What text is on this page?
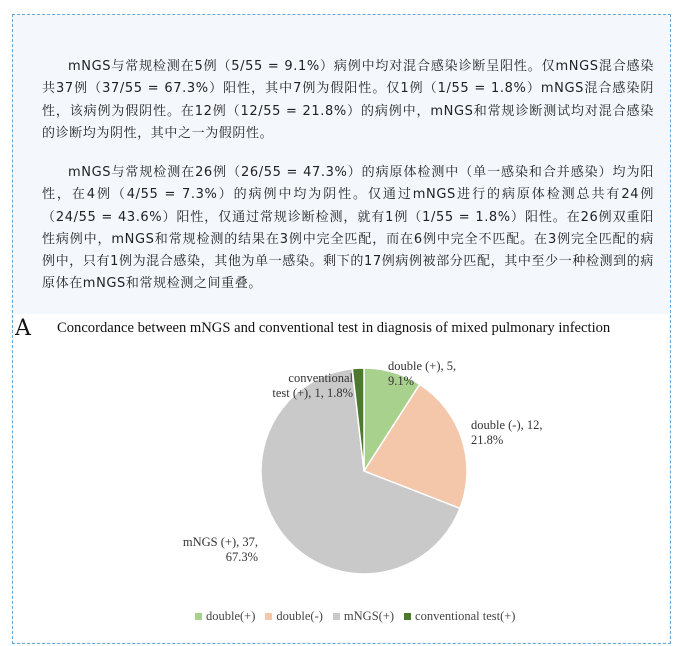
mNGS与常规检测在5例（5/55 = 9.1%）病例中均对混合感染诊断呈阳性。仅mNGS混合感染共37例（37/55 = 67.3%）阳性，其中7例为假阳性。仅1例（1/55 = 1.8%）mNGS混合感染阴性，该病例为假阴性。在12例（12/55 = 21.8%）的病例中，mNGS和常规诊断测试均对混合感染的诊断均为阴性，其中之一为假阴性。

mNGS与常规检测在26例（26/55 = 47.3%）的病原体检测中（单一感染和合并感染）均为阳性，在4例（4/55 = 7.3%）的病例中均为阴性。仅通过mNGS进行的病原体检测总共有24例（24/55 = 43.6%）阳性，仅通过常规诊断检测，就有1例（1/55 = 1.8%）阳性。在26例双重阳性病例中，mNGS和常规检测的结果在3例中完全匹配，而在6例中完全不匹配。在3例完全匹配的病例中，只有1例为混合感染，其他为单一感染。剩下的17例病例被部分匹配，其中至少一种检测到的病原体在mNGS和常规检测之间重叠。

A Concordance between mNGS and conventional test in diagnosis of mixed pulmonary infection
double (+), 5, 9.1%
double (-), 12, 21.8%
mNGS (+), 37, 67.3%
conventional test (+), 1, 1.8%
double(+) double(-) mNGS(+) conventional test(+)
